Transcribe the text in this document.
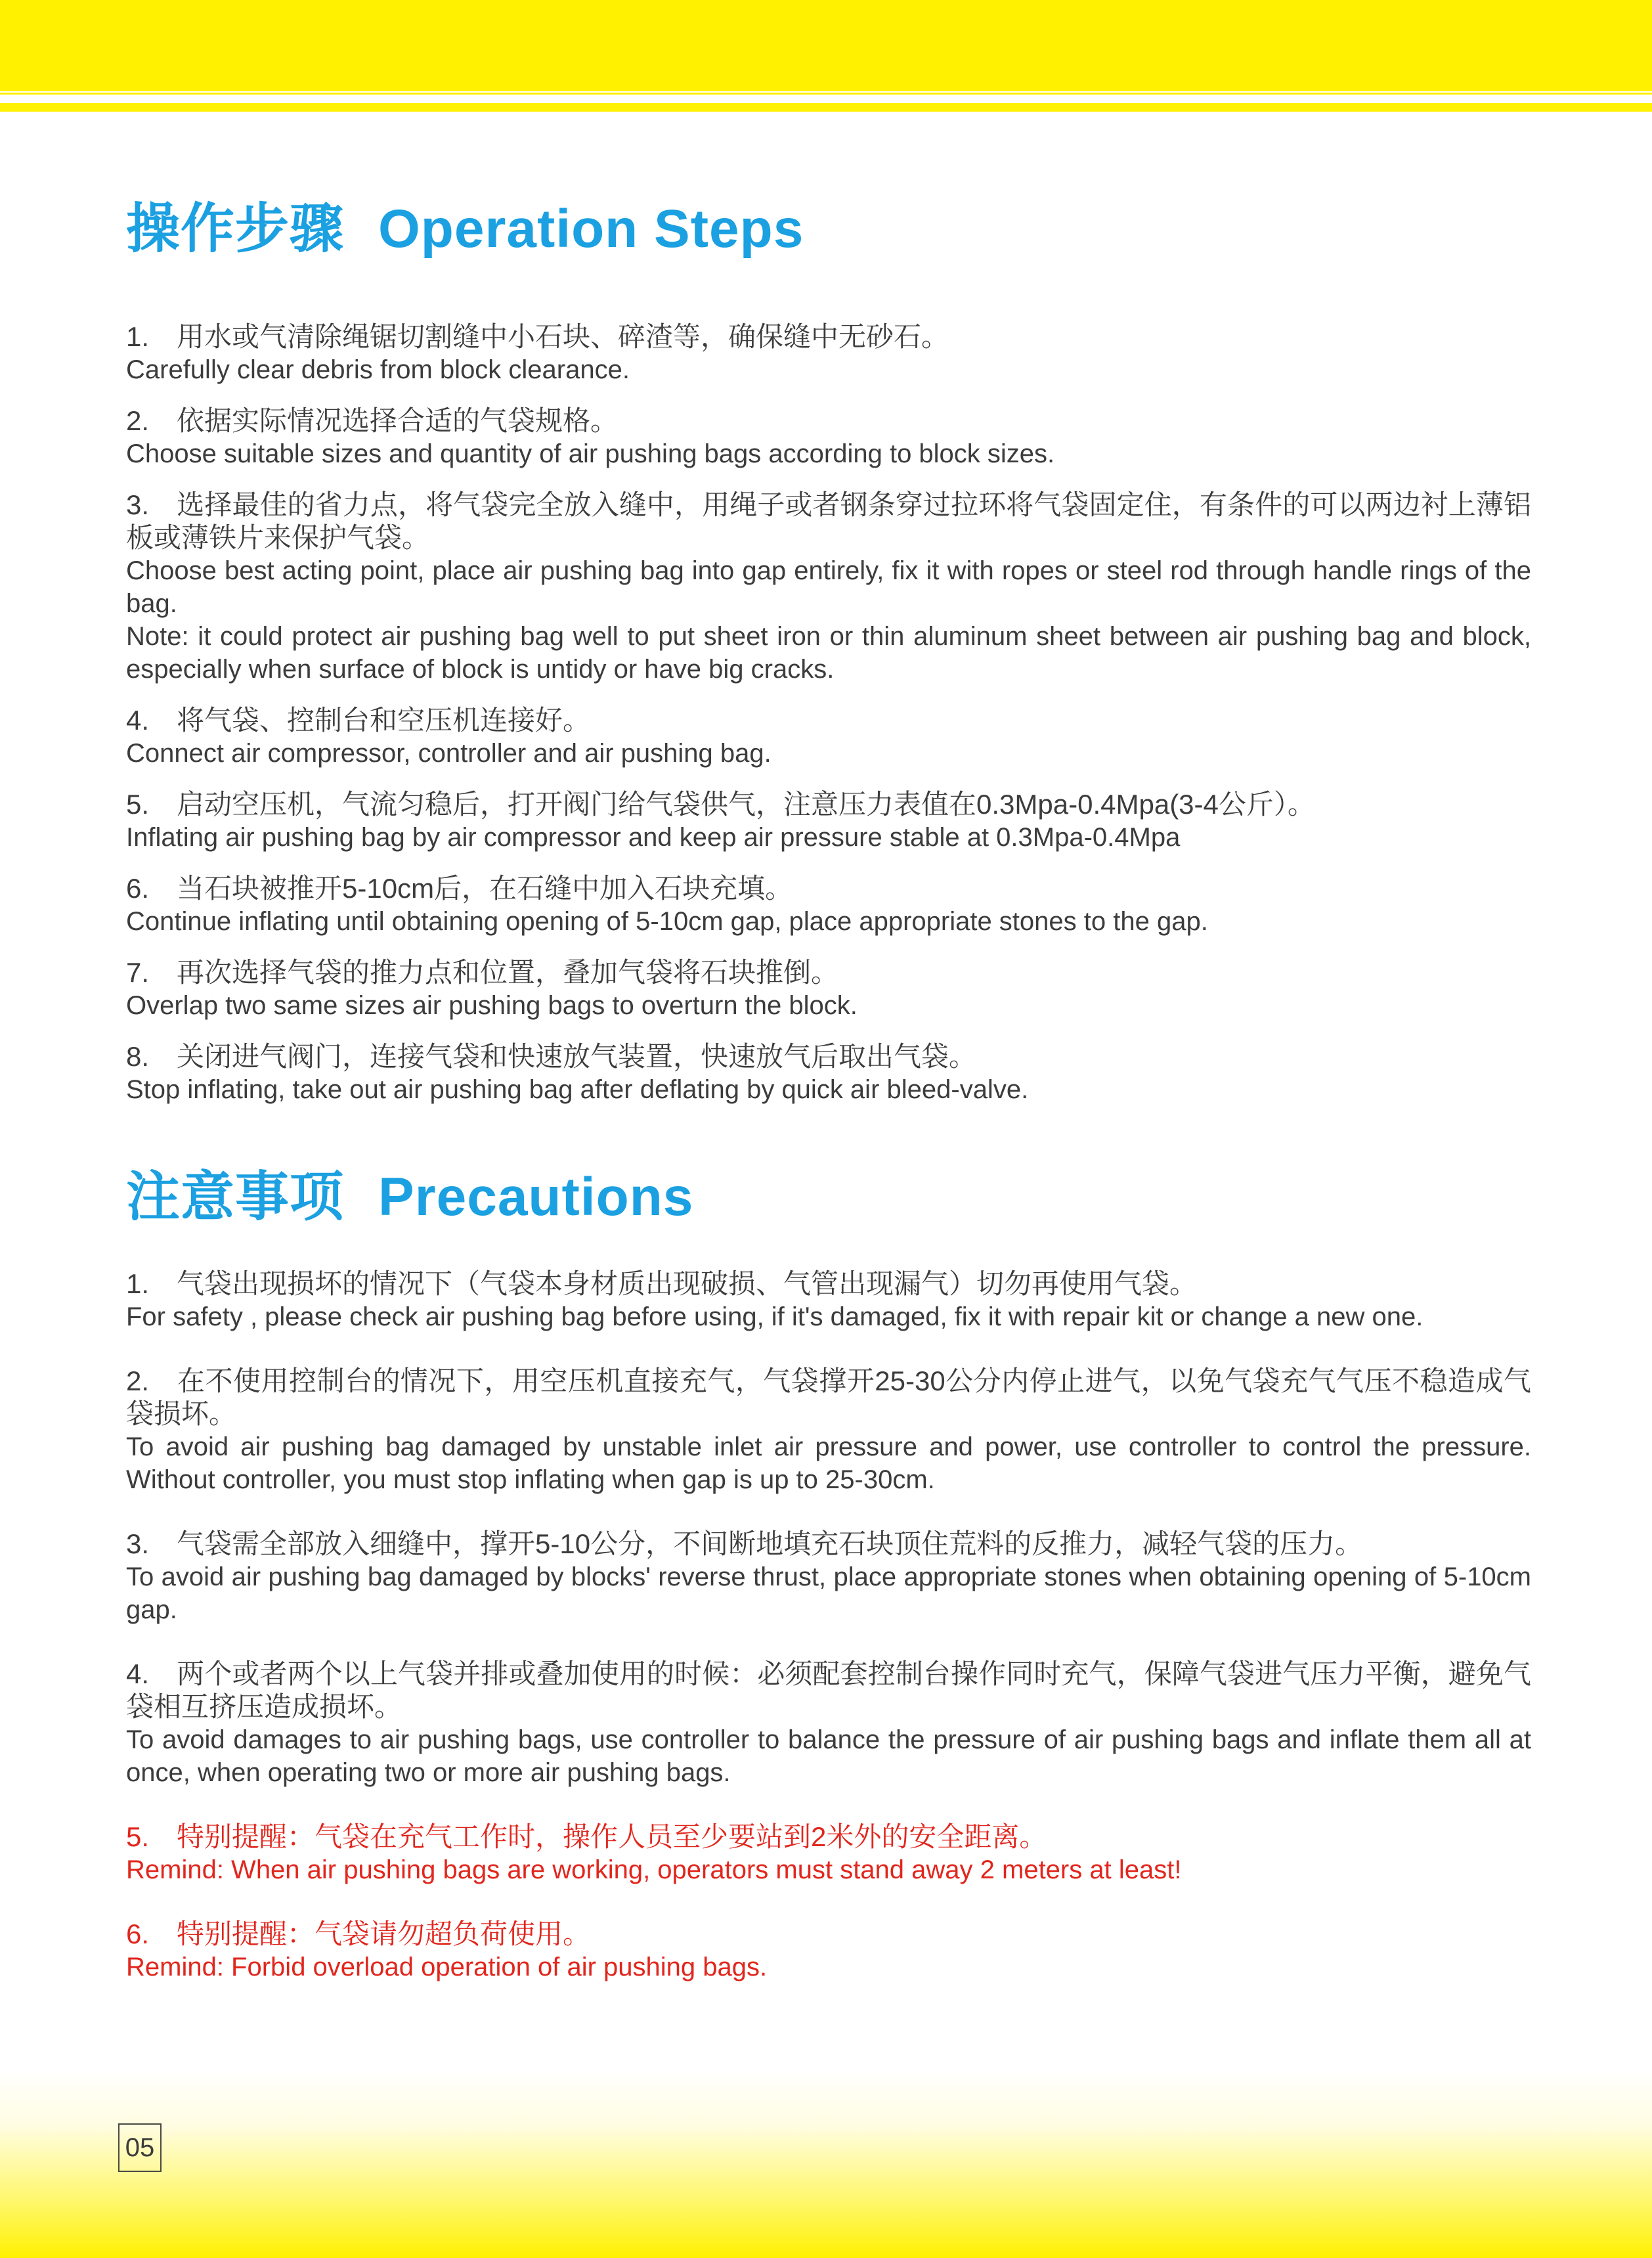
05
操作步骤 Operation Steps
1.　用水或气清除绳锯切割缝中小石块、碎渣等，确保缝中无砂石。
Carefully clear debris from block clearance.
2.　依据实际情况选择合适的气袋规格。
Choose suitable sizes and quantity of air pushing bags according to block sizes.
3.　选择最佳的省力点，将气袋完全放入缝中，用绳子或者钢条穿过拉环将气袋固定住，有条件的可以两边衬上薄铝板或薄铁片来保护气袋。
Choose best acting point, place air pushing bag into gap entirely, fix it with ropes or steel rod through handle rings of the bag.
Note: it could protect air pushing bag well to put sheet iron or thin aluminum sheet between air pushing bag and block, especially when surface of block is untidy or have big cracks.
4.　将气袋、控制台和空压机连接好。
Connect air compressor, controller and air pushing bag.
5.　启动空压机，气流匀稳后，打开阀门给气袋供气，注意压力表值在0.3Mpa-0.4Mpa(3-4公斤）。
Inflating air pushing bag by air compressor and keep air pressure stable at 0.3Mpa-0.4Mpa
6.　当石块被推开5-10cm后，在石缝中加入石块充填。
Continue inflating until obtaining opening of 5-10cm gap, place appropriate stones to the gap.
7.　再次选择气袋的推力点和位置，叠加气袋将石块推倒。
Overlap two same sizes air pushing bags to overturn the block.
8.　关闭进气阀门，连接气袋和快速放气装置，快速放气后取出气袋。
Stop inflating, take out air pushing bag after deflating by quick air bleed-valve.
注意事项 Precautions
1.　气袋出现损坏的情况下（气袋本身材质出现破损、气管出现漏气）切勿再使用气袋。
For safety , please check air pushing bag before using, if it's damaged, fix it with repair kit or change a new one.
2.　在不使用控制台的情况下，用空压机直接充气，气袋撑开25-30公分内停止进气，以免气袋充气气压不稳造成气袋损坏。
To avoid air pushing bag damaged by unstable inlet air pressure and power, use controller to control the pressure. Without controller, you must stop inflating when gap is up to 25-30cm.
3.　气袋需全部放入细缝中，撑开5-10公分，不间断地填充石块顶住荒料的反推力，减轻气袋的压力。
To avoid air pushing bag damaged by blocks' reverse thrust, place appropriate stones when obtaining opening of 5-10cm gap.
4.　两个或者两个以上气袋并排或叠加使用的时候：必须配套控制台操作同时充气，保障气袋进气压力平衡，避免气袋相互挤压造成损坏。
To avoid damages to air pushing bags, use controller to balance the pressure of air pushing bags and inflate them all at once, when operating two or more air pushing bags.
5.　特别提醒：气袋在充气工作时，操作人员至少要站到2米外的安全距离。
Remind: When air pushing bags are working, operators must stand away 2 meters at least!
6.　特别提醒：气袋请勿超负荷使用。
Remind: Forbid overload operation of air pushing bags.
